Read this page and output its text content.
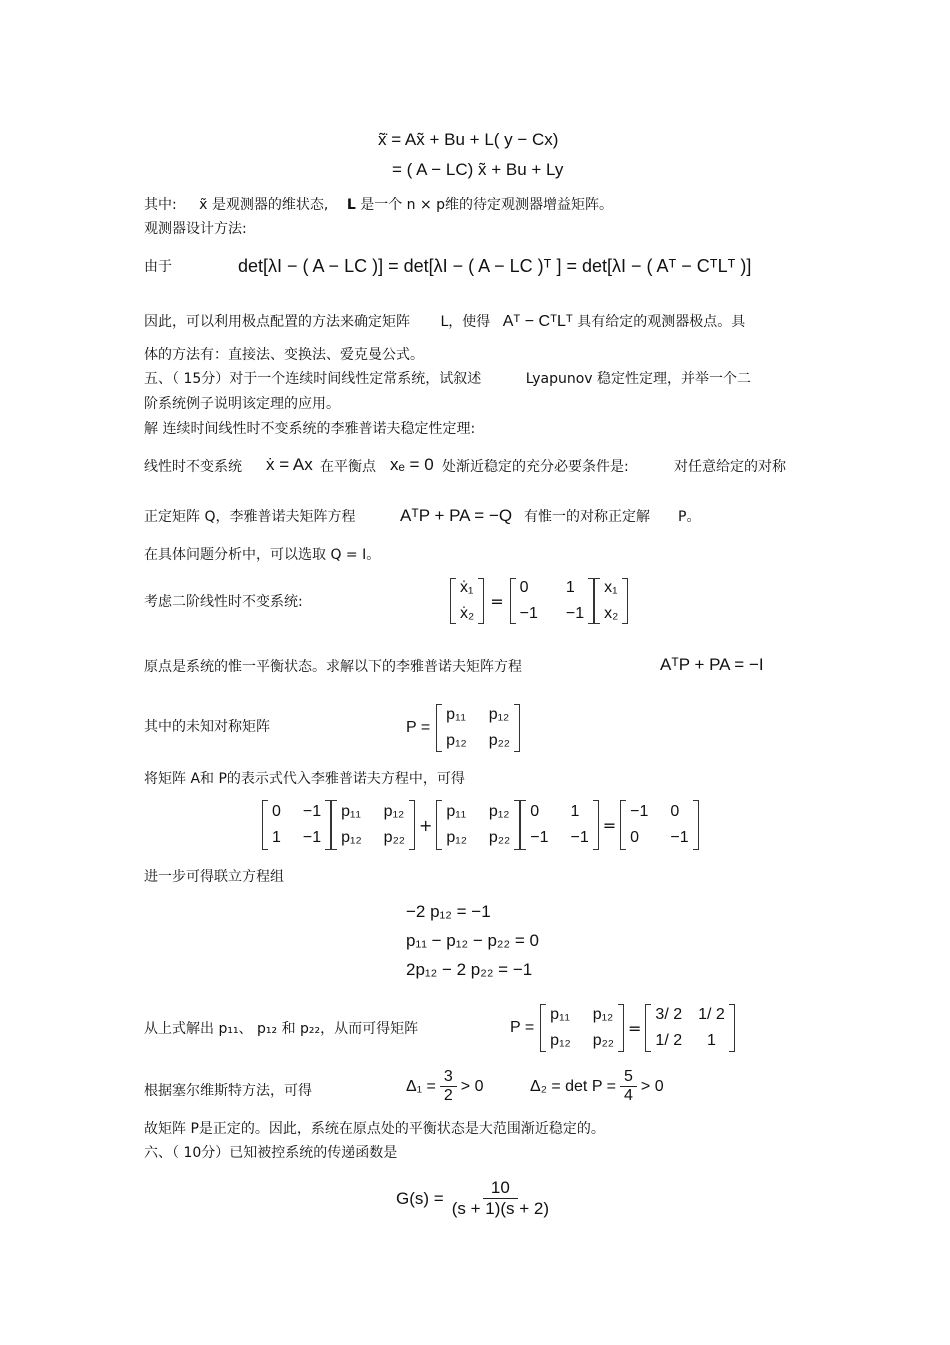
x̃̇ = Ax̃ + Bu + L( y − Cx)
= ( A − LC) x̃ + Bu + Ly
其中: x̃ 是观测器的维状态, L 是一个 n × p维的待定观测器增益矩阵。
观测器设计方法:
由于	det[λI − ( A − LC )] = det[λI − ( A − LC )ᵀ ] = det[λI − ( Aᵀ − CᵀLᵀ )]
因此，可以利用极点配置的方法来确定矩阵 L，使得 Aᵀ − CᵀLᵀ 具有给定的观测器极点。具
体的方法有：直接法、变换法、爱克曼公式。
五、（ 15分）对于一个连续时间线性定常系统，试叙述	Lyapunov 稳定性定理，并举一个二
阶系统例子说明该定理的应用。
解 连续时间线性时不变系统的李雅普诺夫稳定性定理:
线性时不变系统 ẋ = Ax 在平衡点 xₑ = 0 处渐近稳定的充分必要条件是:	对任意给定的对称
正定矩阵 Q，李雅普诺夫矩阵方程	AᵀP + PA = −Q 有惟一的对称正定解 P。
在具体问题分析中，可以选取 Q = I。
考虑二阶线性时不变系统:
ẋ₁
ẋ₂
=
0	1
−1 −1
x₁
x₂
原点是系统的惟一平衡状态。求解以下的李雅普诺夫矩阵方程	AᵀP + PA = −I
其中的未知对称矩阵	P =
p₁₁ p₁₂
p₁₂ p₂₂
将矩阵 A和 P的表示式代入李雅普诺夫方程中，可得
0 −1
1 −1
p₁₁ p₁₂
p₁₂ p₂₂
+
p₁₁ p₁₂
p₁₂ p₂₂
0	1
−1 −1
=
−1 0
0	−1
进一步可得联立方程组
−2 p₁₂ = −1
p₁₁ − p₁₂ − p₂₂ = 0
2p₁₂ − 2 p₂₂ = −1
从上式解出 p₁₁、 p₁₂ 和 p₂₂，从而可得矩阵	P =
p₁₁ p₁₂
p₁₂ p₂₂
=
3/ 2 1/ 2
1/ 2	1
根据塞尔维斯特方法，可得	$\Delta_1 = \frac{3}{2} > 0$	$\Delta_2 = \det P = \frac{5}{4} > 0$
故矩阵 P是正定的。因此，系统在原点处的平衡状态是大范围渐近稳定的。
六、（ 10分）已知被控系统的传递函数是
$G(s) = \frac{10}{(s + 1)(s + 2)}$
